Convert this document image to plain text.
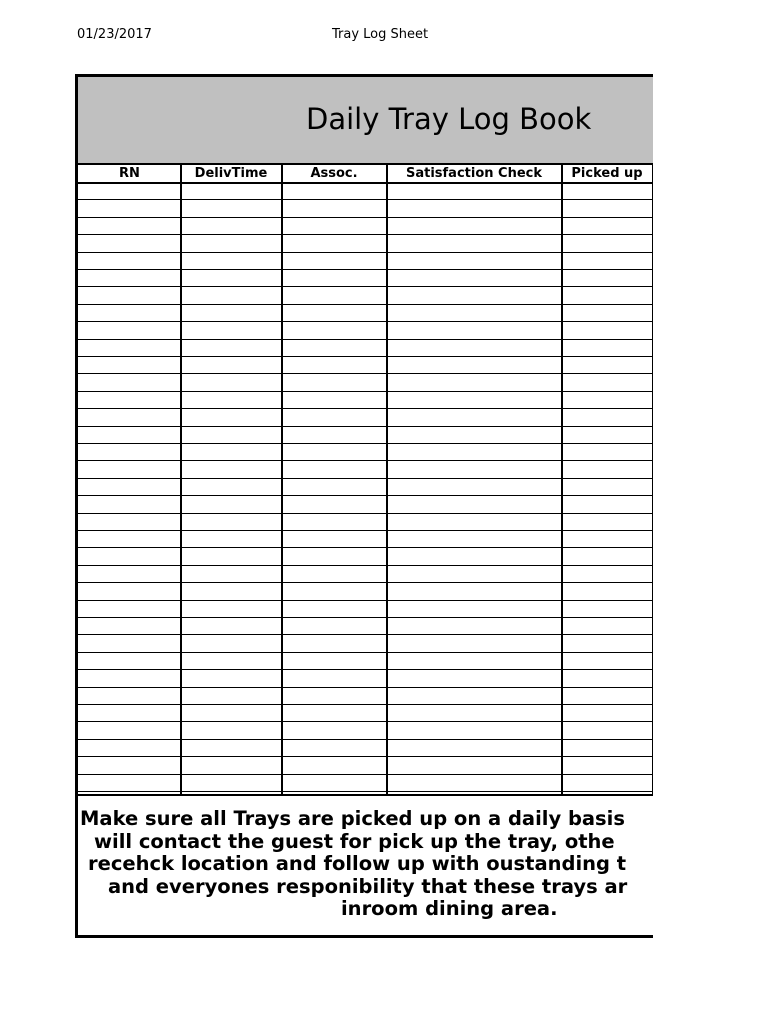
01/23/2017	Tray Log Sheet
Daily Tray Log Book
RN	DelivTime	Assoc.	Satisfaction Check	Picked up
Make sure all Trays are picked up on a daily basis
will contact the guest for pick up the tray, othe
recehck location and follow up with oustanding t
and everyones responibility that these trays ar
inroom dining area.
